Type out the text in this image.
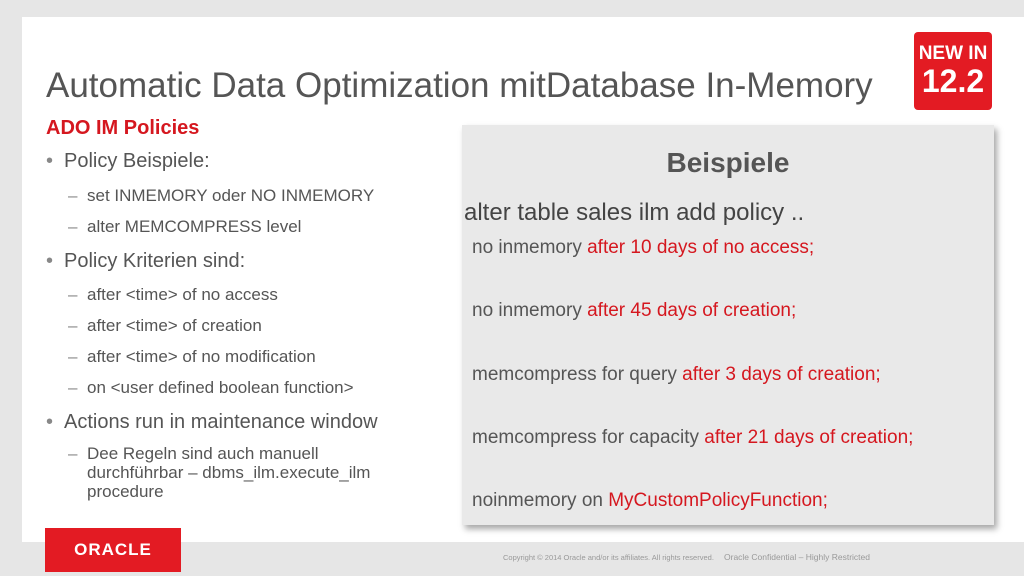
Automatic Data Optimization mitDatabase In-Memory
NEW IN
12.2
ADO IM Policies
• Policy Beispiele:
– set INMEMORY oder NO INMEMORY
– alter MEMCOMPRESS level
• Policy Kriterien sind:
– after <time> of no access
– after <time> of creation
– after <time> of no modification
– on <user defined boolean function>
• Actions run in maintenance window
– Dee Regeln sind auch manuell
durchführbar – dbms_ilm.execute_ilm
procedure
Beispiele
alter table sales ilm add policy ..
no inmemory after 10 days of no access;
no inmemory after 45 days of creation;
memcompress for query after 3 days of creation;
memcompress for capacity after 21 days of creation;
noinmemory on MyCustomPolicyFunction;
ORACLE	Copyright © 2014 Oracle and/or its affiliates. All rights reserved. Oracle Confidential – Highly Restricted
